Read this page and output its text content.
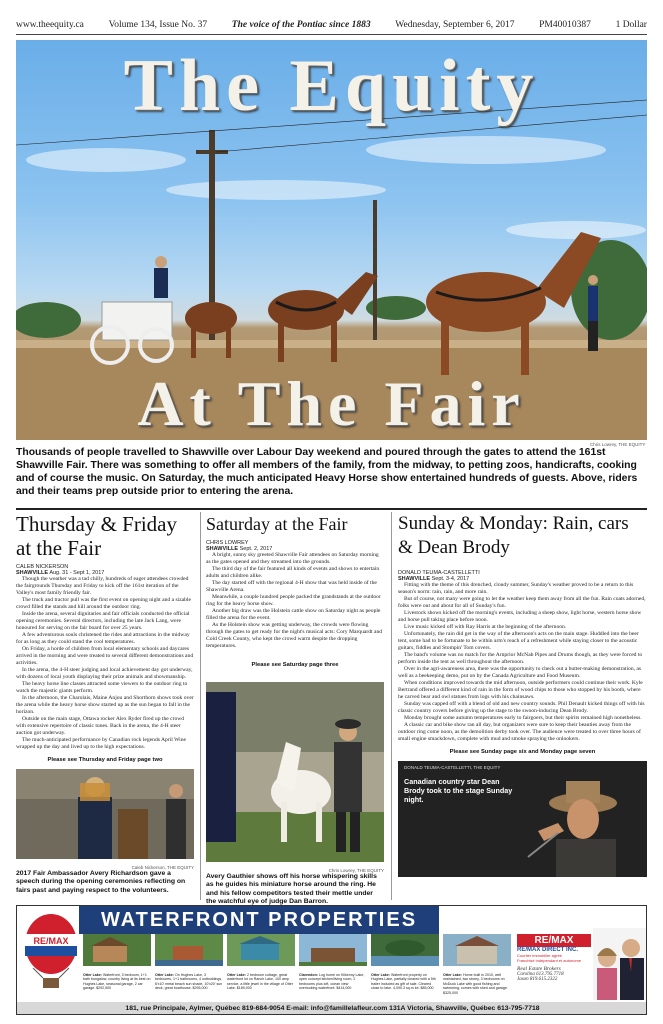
www.theequity.ca	Volume 134, Issue No. 37	The voice of the Pontiac since 1883	Wednesday, September 6, 2017	PM40010387	1 Dollar
The Equity
At The Fair
Chris Lowrey, THE EQUITY
Thousands of people travelled to Shawville over Labour Day weekend and poured through the gates to attend the 161st Shawville Fair. There was something to offer all members of the family, from the midway, to petting zoos, handicrafts, cooking and of course the music. On Saturday, the much anticipated Heavy Horse show entertained hundreds of guests. Above, riders and their teams prep outside prior to entering the arena.
Thursday & Friday at the Fair
CALEB NICKERSON
SHAWVILLE Aug. 31 - Sept 1, 2017

Though the weather was a tad chilly, hundreds of eager attendees crowded the fairgrounds Thursday and Friday to kick off the 161st iteration of the Valley's most family friendly fair.

The truck and tractor pull was the first event on opening night and a sizable crowd filled the stands and hill around the outdoor ring.

Inside the arena, several dignitaries and fair officials conducted the official opening ceremonies. Several directors, including the late Jack Lang, were honoured for serving on the fair board for over 25 years.

A few adventurous souls christened the rides and attractions in the midway for as long as they could stand the cool temperatures.

On Friday, a horde of children from local elementary schools and daycares arrived in the morning and were treated to several different demonstrations and activities.

In the arena, the 4-H steer judging and local achievement day got underway, with dozens of local youth displaying their prize animals and showmanship.

The heavy horse line classes attracted some viewers to the outdoor ring to watch the majestic giants perform.

In the afternoon, the Charolais, Maine Anjou and Shorthorn shows took over the arena while the heavy horse show started up as the sun began to fall in the horizon.

Outside on the main stage, Ottawa rocker Alex Ryder fired up the crowd with extensive repertoire of classic tunes. Back in the arena, the 4-H steer auction got underway.

The much-anticipated performance by Canadian rock legends April Wine wrapped up the day and lived up to the high expectations.

Please see Thursday and Friday page two
Caleb Nickerson, THE EQUITY
2017 Fair Ambassador Avery Richardson gave a speech during the opening ceremonies reflecting on fairs past and paying respect to the volunteers.
Saturday at the Fair
CHRIS LOWREY
SHAWVILLE Sept. 2, 2017

A bright, sunny sky greeted Shawville Fair attendees on Saturday morning as the gates opened and they streamed into the grounds.

The third day of the fair featured all kinds of events and shows to entertain adults and children alike.

The day started off with the regional 4-H show that was held inside of the Shawville Arena.

Meanwhile, a couple hundred people packed the grandstands at the outdoor ring for the heavy horse show.

Another big draw was the Holstein cattle show on Saturday night as people filled the arena for the event.

As the Holstein show was getting underway, the crowds were flowing through the gates to get ready for the night's musical acts: Cory Marquardt and Cold Creek County, who kept the crowd warm despite the dropping temperatures.

Please see Saturday page three
Chris Lowrey, THE EQUITY
Avery Gauthier shows off his horse whispering skills as he guides his miniature horse around the ring. He and his fellow competitors tested their mettle under the watchful eye of judge Dan Barron.
Sunday & Monday: Rain, cars & Dean Brody
DONALD TEUMA-CASTELLETTI
SHAWVILLE Sept. 3-4, 2017

Fitting with the theme of this drenched, cloudy summer, Sunday's weather proved to be a return to this season's norm: rain, rain, and more rain.

But of course, not many were going to let the weather keep them away from all the fun. Rain coats adorned, folks were out and about for all of Sunday's fun.

Livestock shows kicked off the morning's events, including a sheep show, light horse, western horse show and horse pull taking place before noon.

Live music kicked off with Ray Harris at the beginning of the afternoon.

Unfortunately, the rain did get in the way of the afternoon's acts on the main stage. Huddled into the beer tent, some had to be fortunate to be within arm's reach of a refreshment while staying closer to the acoustic guitars, fiddles and Stompin' Tom covers.

The band's volume was no match for the Arnprior McNab Pipes and Drums though, as they were forced to perform inside the tent as well throughout the afternoon.

Over in the agri-awareness area, there was the opportunity to check out a butter-making demonstration, as well as a beekeeping demo, put on by the Canada Agriculture and Food Museum.

When conditions improved towards the mid afternoon, outside performers could continue their work. Kyle Bertrand offered a different kind of rain in the form of wood chips to those who stopped by his booth, where he carved bear and owl statues from logs with his chainsaws.

Sunday was capped off with a blend of old and new country sounds. Phil Denault kicked things off with his classic country covers before giving up the stage to the swoon-inducing Dean Brody.

Monday brought some autumn temperatures early to fairgoers, but their spirits remained high nonetheless.

A classic car and bike show ran all day, but organizers were sure to keep their beauties away from the outdoor ring come noon, as the demolition derby took over. The audience were treated to over three hours of small engine smackdown, complete with mud and smoke spraying the onlookers.

Please see Sunday page six and Monday page seven
DONALD TEUMA-CASTELLETTI, THE EQUITY
Canadian country star Dean Brody took to the stage Sunday night.
RE/MAX
WATERFRONT PROPERTIES
Otter Lake: Waterfront, 3 bedroom, 1+1 bath bungalow, country living at its best on Hughes Lake, seasonal garage, 2 car garage. $292,500
Otter Lake: On Hughes Lake, 3 bedrooms, 1+1 bathrooms, 4 outbuildings, 6'x10' metal beach sun shade, 10'x20' sun deck, great boathouse. $295,000
Otter Lake: 2 bedroom cottage, great waterfront lot on Ranch Lake, 100 amp service, a little jewel in the village of Otter Lake. $189,000
Clarendon: Log home on Kilkenny Lake, open concept kitchen/living room, 2 bedrooms plus loft, ocean view overlooking waterfront. $414,000
Otter Lake: Waterfront property on Hughes Lake, partially cleared with a 5th trailer included as gift of sale. Cleared close to lake. 4,090.3 sq.m lot. $85,000
Otter Lake: Home built in 2010, well maintained, two storey, 3 bedrooms on McDuck Lake with good fishing and swimming, comes with shed and garage. $325,000
RE/MAX
RE/MAX DIRECT INC.
Courtier immobilier agréé
Franchisé indépendant et autonome
Real Estate Brokers
Carolina 613.795.7718
Jason 819.615.2322
181, rue Principale, Aylmer, Québec 819-684-9054 E-mail: info@famillelafleur.com 131A Victoria, Shawville, Québec 613-795-7718
